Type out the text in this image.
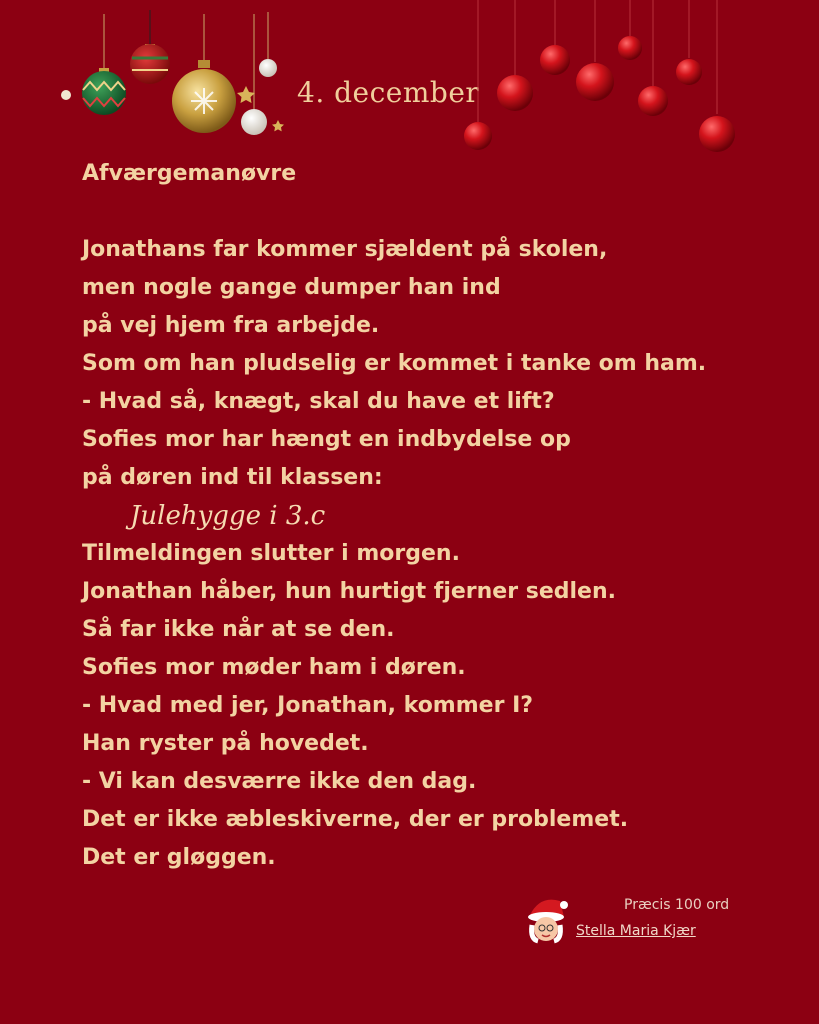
4. december
Afværgemanøvre
Jonathans far kommer sjældent på skolen,
men nogle gange dumper han ind
på vej hjem fra arbejde.
Som om han pludselig er kommet i tanke om ham.
- Hvad så, knægt, skal du have et lift?
Sofies mor har hængt en indbydelse op
på døren ind til klassen:
Julehygge i 3.c
Tilmeldingen slutter i morgen.
Jonathan håber, hun hurtigt fjerner sedlen.
Så far ikke når at se den.
Sofies mor møder ham i døren.
- Hvad med jer, Jonathan, kommer I?
Han ryster på hovedet.
- Vi kan desværre ikke den dag.
Det er ikke æbleskiverne, der er problemet.
Det er gløggen.
Præcis 100 ord
Stella Maria Kjær
